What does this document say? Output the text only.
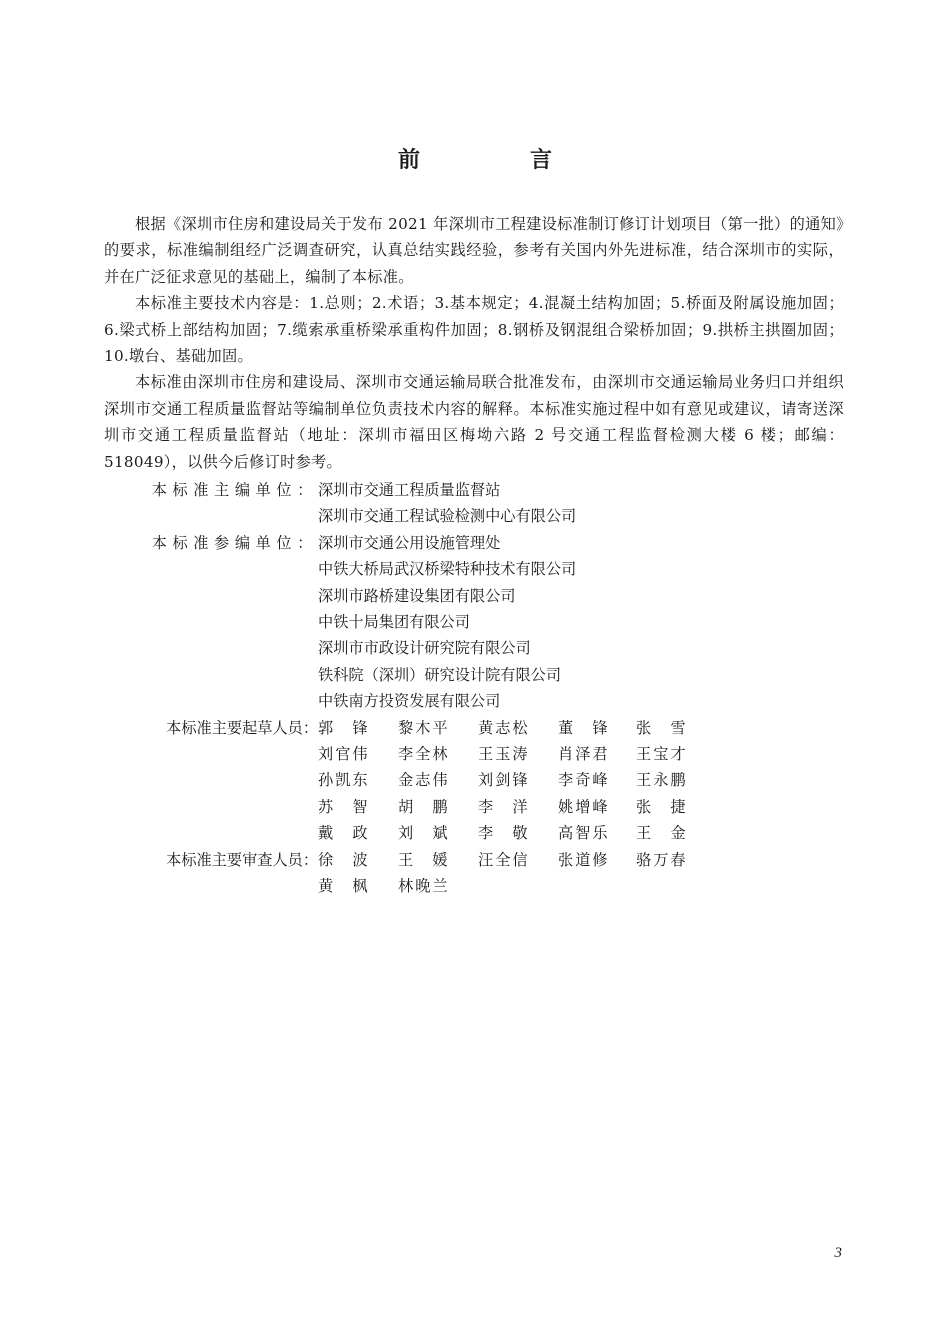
前　言

根据《深圳市住房和建设局关于发布 2021 年深圳市工程建设标准制订修订计划项目（第一批）的通知》的要求，标准编制组经广泛调查研究，认真总结实践经验，参考有关国内外先进标准，结合深圳市的实际，并在广泛征求意见的基础上，编制了本标准。

本标准主要技术内容是：1.总则；2.术语；3.基本规定；4.混凝土结构加固；5.桥面及附属设施加固；6.梁式桥上部结构加固；7.缆索承重桥梁承重构件加固；8.钢桥及钢混组合梁桥加固；9.拱桥主拱圈加固；10.墩台、基础加固。

本标准由深圳市住房和建设局、深圳市交通运输局联合批准发布，由深圳市交通运输局业务归口并组织深圳市交通工程质量监督站等编制单位负责技术内容的解释。本标准实施过程中如有意见或建议，请寄送深圳市交通工程质量监督站（地址：深圳市福田区梅坳六路 2 号交通工程监督检测大楼 6 楼；邮编：518049），以供今后修订时参考。

本标准主编单位： 深圳市交通工程质量监督站
深圳市交通工程试验检测中心有限公司
本标准参编单位： 深圳市交通公用设施管理处
中铁大桥局武汉桥梁特种技术有限公司
深圳市路桥建设集团有限公司
中铁十局集团有限公司
深圳市市政设计研究院有限公司
铁科院（深圳）研究设计院有限公司
中铁南方投资发展有限公司
本标准主要起草人员： 郭　锋	黎木平	黄志松	董　锋	张　雪
刘官伟	李全林	王玉涛	肖泽君	王宝才
孙凯东	金志伟	刘剑锋	李奇峰	王永鹏
苏　智	胡　鹏	李　洋	姚增峰	张　捷
戴　政	刘　斌	李　敬	高智乐	王　金
本标准主要审查人员： 徐　波	王　媛	汪全信	张道修	骆万春
黄　枫	林晚兰
3
